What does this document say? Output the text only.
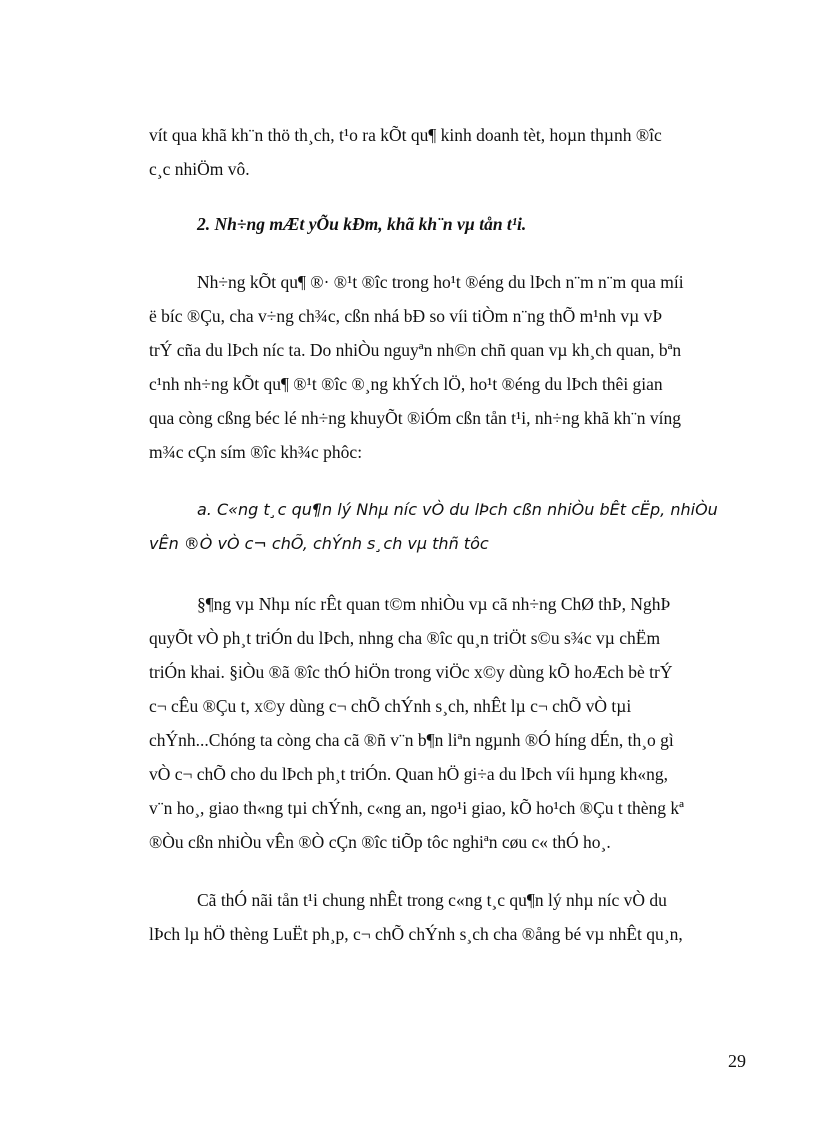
vít qua khã kh¨n thö th¸ch, t¹o ra kÕt qu¶ kinh doanh tèt, hoµn thµnh ®îc
c¸c nhiÖm vô.
2. Nh÷ng mÆt yÕu kÐm, khã kh¨n vµ tån t¹i.
Nh÷ng kÕt qu¶ ®· ®¹t ®îc trong ho¹t ®éng du lÞch n¨m n¨m qua míi
ë bíc ®Çu, cha v÷ng ch¾c, cßn nhá bÐ so víi tiÒm n¨ng thÕ m¹nh vµ vÞ
trÝ cña du lÞch níc ta. Do nhiÒu nguyªn nh©n chñ quan vµ kh¸ch quan, bªn
c¹nh nh÷ng kÕt qu¶ ®¹t ®îc ®¸ng khÝch lÖ, ho¹t ®éng du lÞch thêi gian
qua còng cßng béc lé nh÷ng khuyÕt ®iÓm cßn tån t¹i, nh÷ng khã kh¨n víng
m¾c cÇn sím ®îc kh¾c phôc:
a. C«ng t¸c qu¶n lý Nhµ níc vÒ du lÞch cßn nhiÒu bÊt cËp, nhiÒu
vÊn ®Ò vÒ c¬ chÕ, chÝnh s¸ch vµ thñ tôc
§¶ng vµ Nhµ níc rÊt quan t©m nhiÒu vµ cã nh÷ng ChØ thÞ, NghÞ
quyÕt vÒ ph¸t triÓn du lÞch, nhng cha ®îc qu¸n triÖt s©u s¾c vµ chËm
triÓn khai. §iÒu ®ã ®îc thÓ hiÖn trong viÖc x©y dùng kÕ hoÆch bè trÝ
c¬ cÊu ®Çu t, x©y dùng c¬ chÕ chÝnh s¸ch, nhÊt lµ c¬ chÕ vÒ tµi
chÝnh...Chóng ta còng cha cã ®ñ v¨n b¶n liªn ngµnh ®Ó híng dÉn, th¸o gì
vÒ c¬ chÕ cho du lÞch ph¸t triÓn. Quan hÖ gi÷a du lÞch víi hµng kh«ng,
v¨n ho¸, giao th«ng tµi chÝnh, c«ng an, ngo¹i giao, kÕ ho¹ch ®Çu t thèng kª
®Òu cßn nhiÒu vÊn ®Ò cÇn ®îc tiÕp tôc nghiªn cøu c« thÓ ho¸.
Cã thÓ nãi tån t¹i chung nhÊt trong c«ng t¸c qu¶n lý nhµ níc vÒ du
lÞch lµ hÖ thèng LuËt ph¸p, c¬ chÕ chÝnh s¸ch cha ®ång bé vµ nhÊt qu¸n,
29
